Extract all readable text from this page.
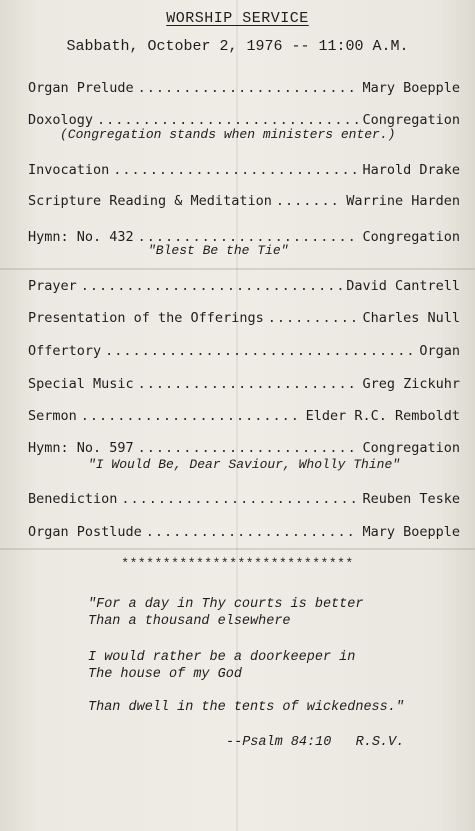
WORSHIP SERVICE
Sabbath, October 2, 1976 -- 11:00 A.M.
Organ Prelude .....	Mary Boepple
Doxology .....	Congregation
(Congregation stands when ministers enter.)
Invocation .....	Harold Drake
Scripture Reading & Meditation .....	Warrine Harden
Hymn: No. 432 .....	Congregation
"Blest Be the Tie"
Prayer .....	David Cantrell
Presentation of the Offerings .....	Charles Null
Offertory .....	Organ
Special Music .....	Greg Zickuhr
Sermon .....	Elder R.C. Remboldt
Hymn: No. 597 .....	Congregation
"I Would Be, Dear Saviour, Wholly Thine"
Benediction .....	Reuben Teske
Organ Postlude .....	Mary Boepple
****************************
"For a day in Thy courts is better
Than a thousand elsewhere
I would rather be a doorkeeper in
The house of my God
Than dwell in the tents of wickedness."
--Psalm 84:10   R.S.V.
